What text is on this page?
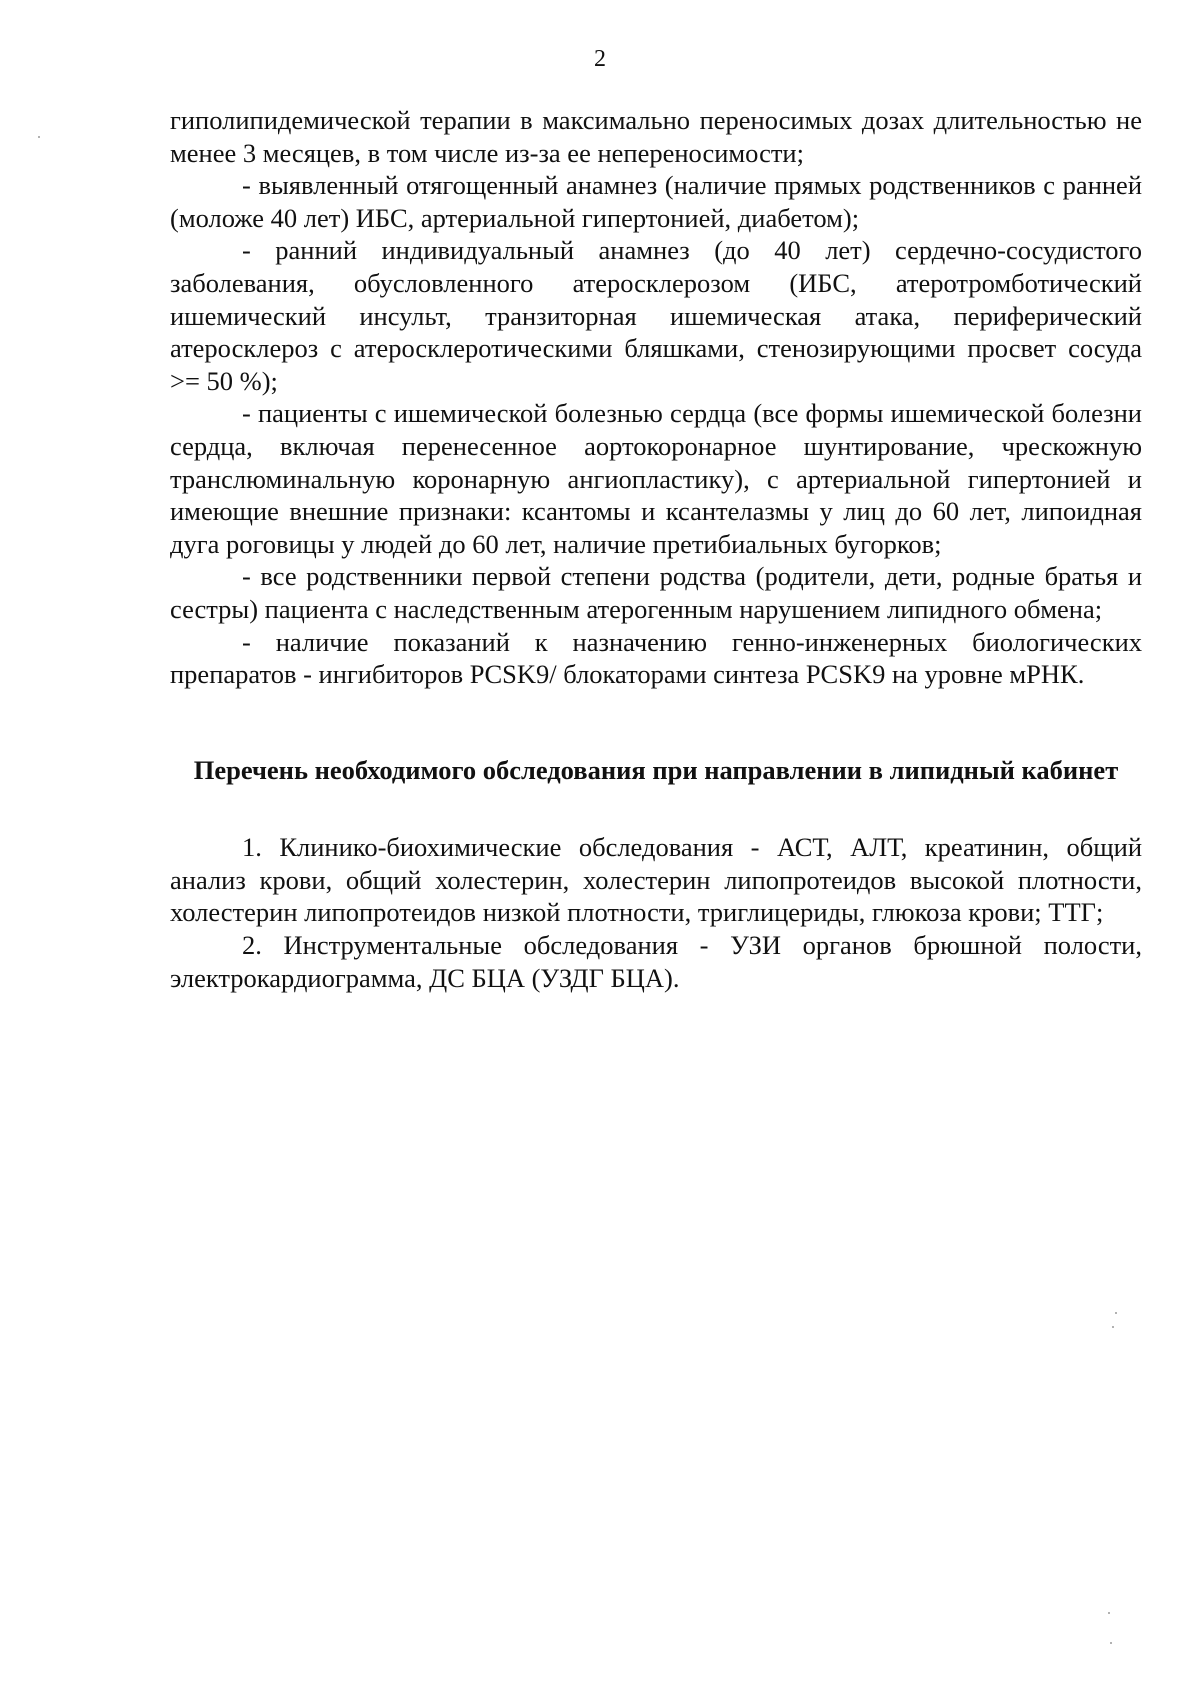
2

гиполипидемической терапии в максимально переносимых дозах длительностью не менее 3 месяцев, в том числе из-за ее непереносимости;

- выявленный отягощенный анамнез (наличие прямых родственников с ранней (моложе 40 лет) ИБС, артериальной гипертонией, диабетом);

- ранний индивидуальный анамнез (до 40 лет) сердечно-сосудистого заболевания, обусловленного атеросклерозом (ИБС, атеротромботический ишемический инсульт, транзиторная ишемическая атака, периферический атеросклероз с атеросклеротическими бляшками, стенозирующими просвет сосуда >= 50 %);

- пациенты с ишемической болезнью сердца (все формы ишемической болезни сердца, включая перенесенное аортокоронарное шунтирование, чрескожную транслюминальную коронарную ангиопластику), с артериальной гипертонией и имеющие внешние признаки: ксантомы и ксантелазмы у лиц до 60 лет, липоидная дуга роговицы у людей до 60 лет, наличие претибиальных бугорков;

- все родственники первой степени родства (родители, дети, родные братья и сестры) пациента с наследственным атерогенным нарушением липидного обмена;

- наличие показаний к назначению генно-инженерных биологических препаратов - ингибиторов PCSK9/ блокаторами синтеза PCSK9 на уровне мРНК.

Перечень необходимого обследования при направлении в липидный кабинет

1. Клинико-биохимические обследования - АСТ, АЛТ, креатинин, общий анализ крови, общий холестерин, холестерин липопротеидов высокой плотности, холестерин липопротеидов низкой плотности, триглицериды, глюкоза крови; ТТГ;

2. Инструментальные обследования - УЗИ органов брюшной полости, электрокардиограмма, ДС БЦА (УЗДГ БЦА).
